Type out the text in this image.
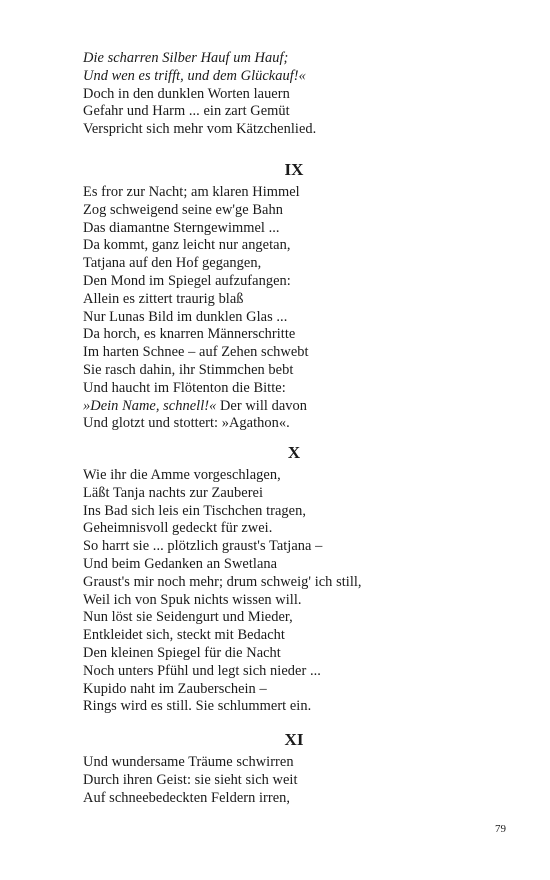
Die scharren Silber Hauf um Hauf;
Und wen es trifft, und dem Glückauf!«
Doch in den dunklen Worten lauern
Gefahr und Harm ... ein zart Gemüt
Verspricht sich mehr vom Kätzchenlied.
IX
Es fror zur Nacht; am klaren Himmel
Zog schweigend seine ew'ge Bahn
Das diamantne Sterngewimmel ...
Da kommt, ganz leicht nur angetan,
Tatjana auf den Hof gegangen,
Den Mond im Spiegel aufzufangen:
Allein es zittert traurig blaß
Nur Lunas Bild im dunklen Glas ...
Da horch, es knarren Männerschritte
Im harten Schnee – auf Zehen schwebt
Sie rasch dahin, ihr Stimmchen bebt
Und haucht im Flötenton die Bitte:
»Dein Name, schnell!« Der will davon
Und glotzt und stottert: »Agathon«.
X
Wie ihr die Amme vorgeschlagen,
Läßt Tanja nachts zur Zauberei
Ins Bad sich leis ein Tischchen tragen,
Geheimnisvoll gedeckt für zwei.
So harrt sie ... plötzlich graust's Tatjana –
Und beim Gedanken an Swetlana
Graust's mir noch mehr; drum schweig' ich still,
Weil ich von Spuk nichts wissen will.
Nun löst sie Seidengurt und Mieder,
Entkleidet sich, steckt mit Bedacht
Den kleinen Spiegel für die Nacht
Noch unters Pfühl und legt sich nieder ...
Kupido naht im Zauberschein –
Rings wird es still. Sie schlummert ein.
XI
Und wundersame Träume schwirren
Durch ihren Geist: sie sieht sich weit
Auf schneebedeckten Feldern irren,
79
